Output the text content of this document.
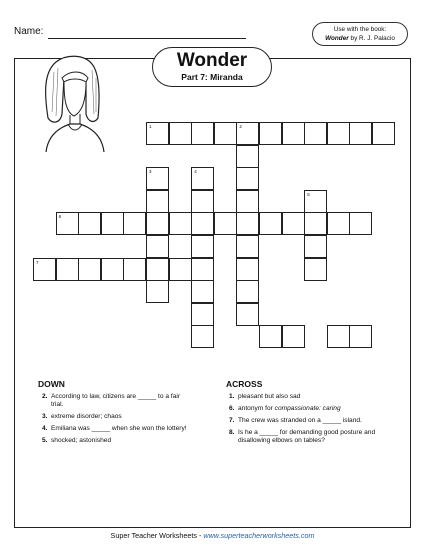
Name:	Use with the book:
Wonder by R. J. Palacio
Wonder
Part 7: Miranda
1	2
3	4
5
6
7
DOWN
2. According to law, citizens are _____ to a fair trial.
3. extreme disorder; chaos
4. Emiliana was _____ when she won the lottery!
5. shocked; astonished
ACROSS
1. pleasant but also sad
6. antonym for compassionate: caring
7. The crew was stranded on a _____ island.
8. Is he a _____ for demanding good posture and disallowing elbows on tables?
Super Teacher Worksheets - www.superteacherworksheets.com
